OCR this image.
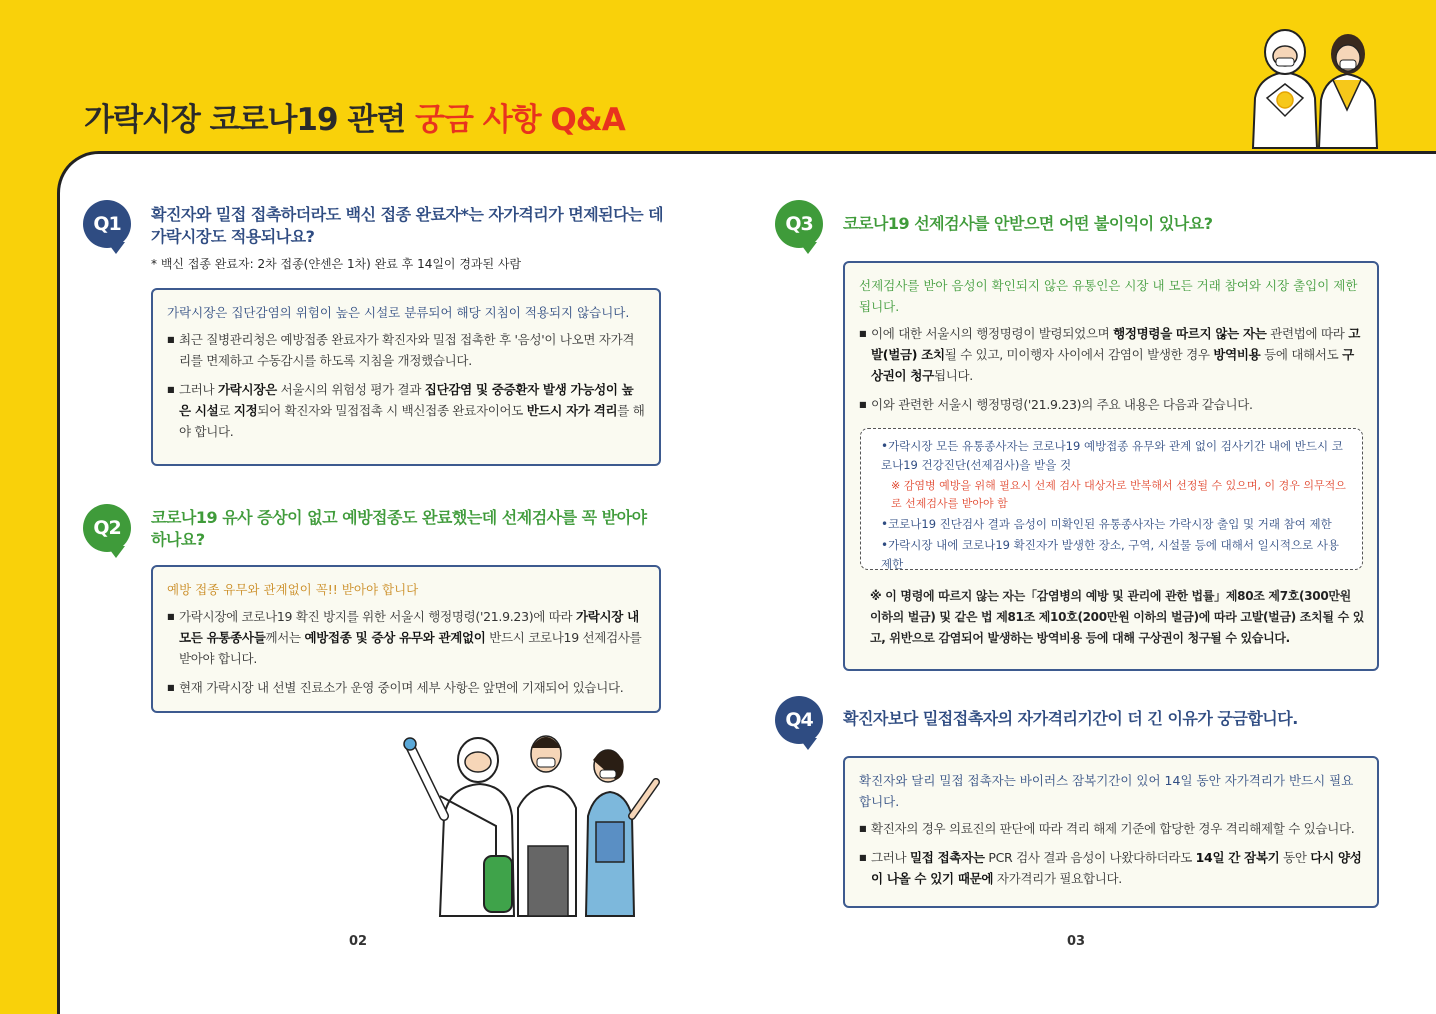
가락시장 코로나19 관련 궁금 사항 Q&A
Q1 확진자와 밀접 접촉하더라도 백신 접종 완료자*는 자가격리가 면제된다는 데 가락시장도 적용되나요?
* 백신 접종 완료자: 2차 접종(얀센은 1차) 완료 후 14일이 경과된 사람
가락시장은 집단감염의 위험이 높은 시설로 분류되어 해당 지침이 적용되지 않습니다.
■ 최근 질병관리청은 예방접종 완료자가 확진자와 밀접 접촉한 후 '음성'이 나오면 자가격리를 면제하고 수동감시를 하도록 지침을 개정했습니다.
■ 그러나 가락시장은 서울시의 위험성 평가 결과 집단감염 및 중증환자 발생 가능성이 높은 시설로 지정되어 확진자와 밀접접촉 시 백신접종 완료자이어도 반드시 자가 격리를 해야 합니다.
Q2 코로나19 유사 증상이 없고 예방접종도 완료했는데 선제검사를 꼭 받아야 하나요?
예방 접종 유무와 관계없이 꼭!! 받아야 합니다
■ 가락시장에 코로나19 확진 방지를 위한 서울시 행정명령('21.9.23)에 따라 가락시장 내 모든 유통종사들께서는 예방접종 및 증상 유무와 관계없이 반드시 코로나19 선제검사를 받아야 합니다.
■ 현재 가락시장 내 선별 진료소가 운영 중이며 세부 사항은 앞면에 기재되어 있습니다.
02
Q3 코로나19 선제검사를 안받으면 어떤 불이익이 있나요?
선제검사를 받아 음성이 확인되지 않은 유통인은 시장 내 모든 거래 참여와 시장 출입이 제한됩니다.
■ 이에 대한 서울시의 행정명령이 발령되었으며 행정명령을 따르지 않는 자는 관련법에 따라 고발(벌금) 조치될 수 있고, 미이행자 사이에서 감염이 발생한 경우 방역비용 등에 대해서도 구상권이 청구됩니다.
■ 이와 관련한 서울시 행정명령('21.9.23)의 주요 내용은 다음과 같습니다.
• 가락시장 모든 유통종사자는 코로나19 예방접종 유무와 관계 없이 검사기간 내에 반드시 코로나19 건강진단(선제검사)을 받을 것
※ 감염병 예방을 위해 필요시 선제 검사 대상자로 반복해서 선정될 수 있으며, 이 경우 의무적으로 선제검사를 받아야 함
• 코로나19 진단검사 결과 음성이 미확인된 유통종사자는 가락시장 출입 및 거래 참여 제한
• 가락시장 내에 코로나19 확진자가 발생한 장소, 구역, 시설물 등에 대해서 일시적으로 사용 제한
※ 이 명령에 따르지 않는 자는「감염병의 예방 및 관리에 관한 법률」제80조 제7호(300만원 이하의 벌금) 및 같은 법 제81조 제10호(200만원 이하의 벌금)에 따라 고발(벌금) 조치될 수 있고, 위반으로 감염되어 발생하는 방역비용 등에 대해 구상권이 청구될 수 있습니다.
Q4 확진자보다 밀접접촉자의 자가격리기간이 더 긴 이유가 궁금합니다.
확진자와 달리 밀접 접촉자는 바이러스 잠복기간이 있어 14일 동안 자가격리가 반드시 필요합니다.
■ 확진자의 경우 의료진의 판단에 따라 격리 해제 기준에 합당한 경우 격리해제할 수 있습니다.
■ 그러나 밀접 접촉자는 PCR 검사 결과 음성이 나왔다하더라도 14일 간 잠복기 동안 다시 양성이 나올 수 있기 때문에 자가격리가 필요합니다.
03
